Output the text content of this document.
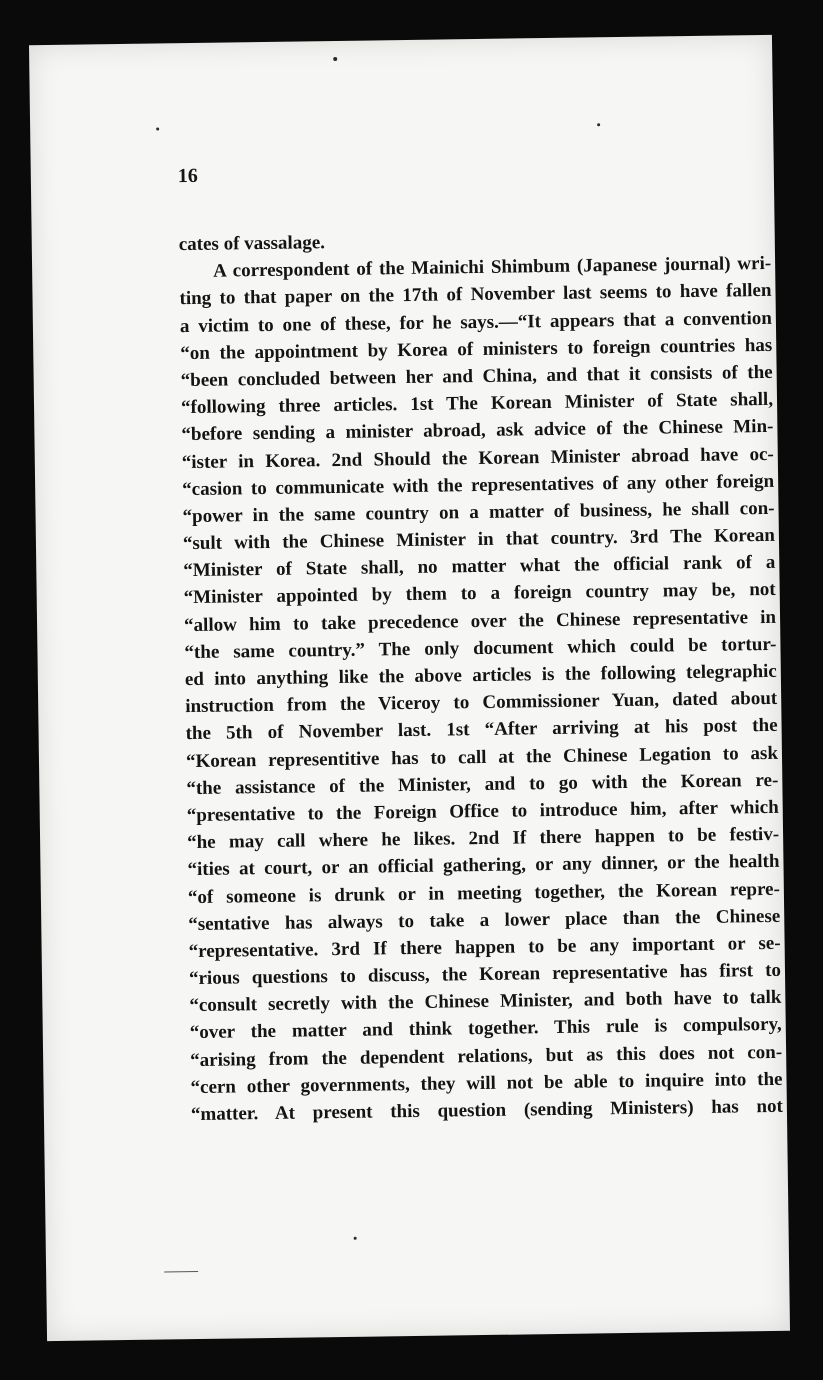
16
cates of vassalage.
A correspondent of the Mainichi Shimbum (Japanese journal) wri-
ting to that paper on the 17th of November last seems to have fallen
a victim to one of these, for he says.—“It appears that a convention
“on the appointment by Korea of ministers to foreign countries has
“been concluded between her and China, and that it consists of the
“following three articles. 1st The Korean Minister of State shall,
“before sending a minister abroad, ask advice of the Chinese Min-
“ister in Korea. 2nd Should the Korean Minister abroad have oc-
“casion to communicate with the representatives of any other foreign
“power in the same country on a matter of business, he shall con-
“sult with the Chinese Minister in that country. 3rd The Korean
“Minister of State shall, no matter what the official rank of a
“Minister appointed by them to a foreign country may be, not
“allow him to take precedence over the Chinese representative in
“the same country.” The only document which could be tortur-
ed into anything like the above articles is the following telegraphic
instruction from the Viceroy to Commissioner Yuan, dated about
the 5th of November last. 1st “After arriving at his post the
“Korean representitive has to call at the Chinese Legation to ask
“the assistance of the Minister, and to go with the Korean re-
“presentative to the Foreign Office to introduce him, after which
“he may call where he likes. 2nd If there happen to be festiv-
“ities at court, or an official gathering, or any dinner, or the health
“of someone is drunk or in meeting together, the Korean repre-
“sentative has always to take a lower place than the Chinese
“representative. 3rd If there happen to be any important or se-
“rious questions to discuss, the Korean representative has first to
“consult secretly with the Chinese Minister, and both have to talk
“over the matter and think together. This rule is compulsory,
“arising from the dependent relations, but as this does not con-
“cern other governments, they will not be able to inquire into the
“matter. At present this question (sending Ministers) has not
